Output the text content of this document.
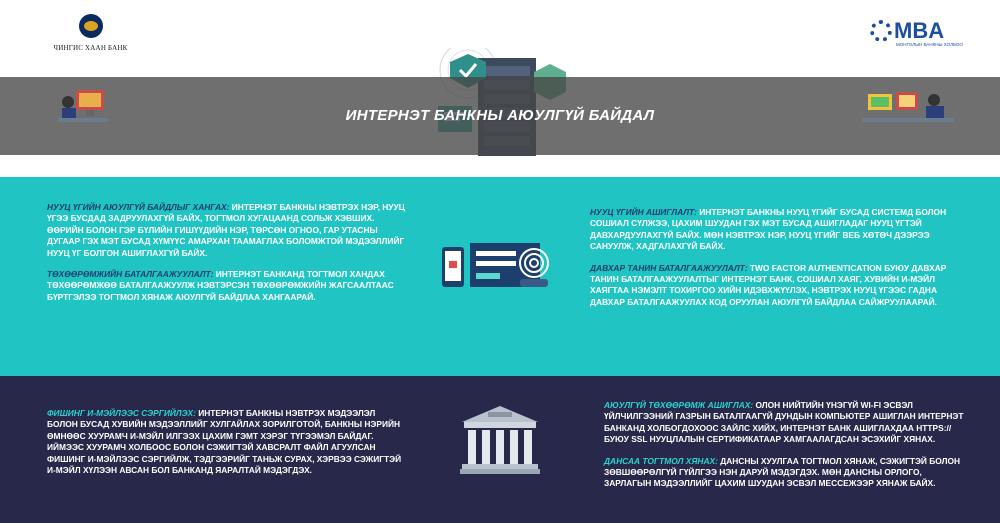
ЧИНГИС ХААН БАНК
MBA
МОНГОЛЫН БАНКНЫ ХОЛБОО
ИНТЕРНЭТ БАНКНЫ АЮУЛГҮЙ БАЙДАЛ

НУУЦ ҮГИЙН АЮУЛГҮЙ БАЙДЛЫГ ХАНГАХ: ИНТЕРНЭТ БАНКНЫ НЭВТРЭХ НЭР, НУУЦ ҮГЭЭ БУСДАД ЗАДРУУЛАХГҮЙ БАЙХ, ТОГТМОЛ ХУГАЦААНД СОЛЬЖ ХЭВШИХ. ӨӨРИЙН БОЛОН ГЭР БҮЛИЙН ГИШҮҮДИЙН НЭР, ТӨРСӨН ОГНОО, ГАР УТАСНЫ ДУГААР ГЭХ МЭТ БУСАД ХҮМҮҮС АМАРХАН ТААМАГЛАХ БОЛОМЖТОЙ МЭДЭЭЛЛИЙГ НУУЦ ҮГ БОЛГОН АШИГЛАХГҮЙ БАЙХ.

ТӨХӨӨРӨМЖИЙН БАТАЛГААЖУУЛАЛТ: ИНТЕРНЭТ БАНКАНД ТОГТМОЛ ХАНДАХ ТӨХӨӨРӨМЖӨӨ БАТАЛГААЖУУЛЖ НЭВТЭРСЭН ТӨХӨӨРӨМЖИЙН ЖАГСААЛТААС БҮРТГЭЛЭЭ ТОГТМОЛ ХЯНАЖ АЮУЛГҮЙ БАЙДЛАА ХАНГААРАЙ.

НУУЦ ҮГИЙН АШИГЛАЛТ: ИНТЕРНЭТ БАНКНЫ НУУЦ ҮГИЙГ БУСАД СИСТЕМД БОЛОН СОШИАЛ СҮЛЖЭЭ, ЦАХИМ ШУУДАН ГЭХ МЭТ БУСАД АШИГЛАДАГ НУУЦ ҮГТЭЙ ДАВХАРДУУЛАХГҮЙ БАЙХ. МӨН НЭВТРЭХ НЭР, НУУЦ ҮГИЙГ ВЕБ ХӨТӨЧ ДЭЭРЭЭ САНУУЛЖ, ХАДГАЛАХГҮЙ БАЙХ.

ДАВХАР ТАНИН БАТАЛГААЖУУЛАЛТ: TWO FACTOR AUTHENTICATION БУЮУ ДАВХАР ТАНИН БАТАЛГААЖУУЛАЛТЫГ ИНТЕРНЭТ БАНК, СОШИАЛ ХАЯГ, ХУВИЙН И-МЭЙЛ ХАЯГТАА НЭМЭЛТ ТОХИРГОО ХИЙН ИДЭВХЖҮҮЛЭХ, НЭВТРЭХ НУУЦ ҮГЭЭС ГАДНА ДАВХАР БАТАЛГААЖУУЛАХ КОД ОРУУЛАН АЮУЛГҮЙ БАЙДЛАА САЙЖРУУЛААРАЙ.

ФИШИНГ И-МЭЙЛЭЭС СЭРГИЙЛЭХ: ИНТЕРНЭТ БАНКНЫ НЭВТРЭХ МЭДЭЭЛЭЛ БОЛОН БУСАД ХУВИЙН МЭДЭЭЛЛИЙГ ХУЛГАЙЛАХ ЗОРИЛГОТОЙ, БАНКНЫ НЭРИЙН ӨМНӨӨС ХУУРАМЧ И-МЭЙЛ ИЛГЭЭХ ЦАХИМ ГЭМТ ХЭРЭГ ТҮГЭЭМЭЛ БАЙДАГ. ИЙМЭЭС ХУУРАМЧ ХОЛБООС БОЛОН СЭЖИГТЭЙ ХАВСРАЛТ ФАЙЛ АГУУЛСАН ФИШИНГ И-МЭЙЛЭЭС СЭРГИЙЛЖ, ТЭДГЭЭРИЙГ ТАНЬЖ СУРАХ, ХЭРВЭЭ СЭЖИГТЭЙ И-МЭЙЛ ХҮЛЭЭН АВСАН БОЛ БАНКАНД ЯАРАЛТАЙ МЭДЭГДЭХ.

АЮУЛГҮЙ ТӨХӨӨРӨМЖ АШИГЛАХ: ОЛОН НИЙТИЙН ҮНЭГҮЙ WI-FI ЭСВЭЛ ҮЙЛЧИЛГЭЭНИЙ ГАЗРЫН БАТАЛГААГҮЙ ДУНДЫН КОМПЬЮТЕР АШИГЛАН ИНТЕРНЭТ БАНКАНД ХОЛБОГДОХООС ЗАЙЛС ХИЙХ, ИНТЕРНЭТ БАНК АШИГЛАХДАА HTTPS:// БУЮУ SSL НУУЦЛАЛЫН СЕРТИФИКАТААР ХАМГААЛАГДСАН ЭСЭХИЙГ ХЯНАХ.

ДАНСАА ТОГТМОЛ ХЯНАХ: ДАНСНЫ ХУУЛГАА ТОГТМОЛ ХЯНАЖ, СЭЖИГТЭЙ БОЛОН ЗӨВШӨӨРӨЛГҮЙ ГҮЙЛГЭЭ НЭН ДАРУЙ МЭДЭГДЭХ. МӨН ДАНСНЫ ОРЛОГО, ЗАРЛАГЫН МЭДЭЭЛЛИЙГ ЦАХИМ ШУУДАН ЭСВЭЛ МЕССЕЖЭЭР ХЯНАЖ БАЙХ.
